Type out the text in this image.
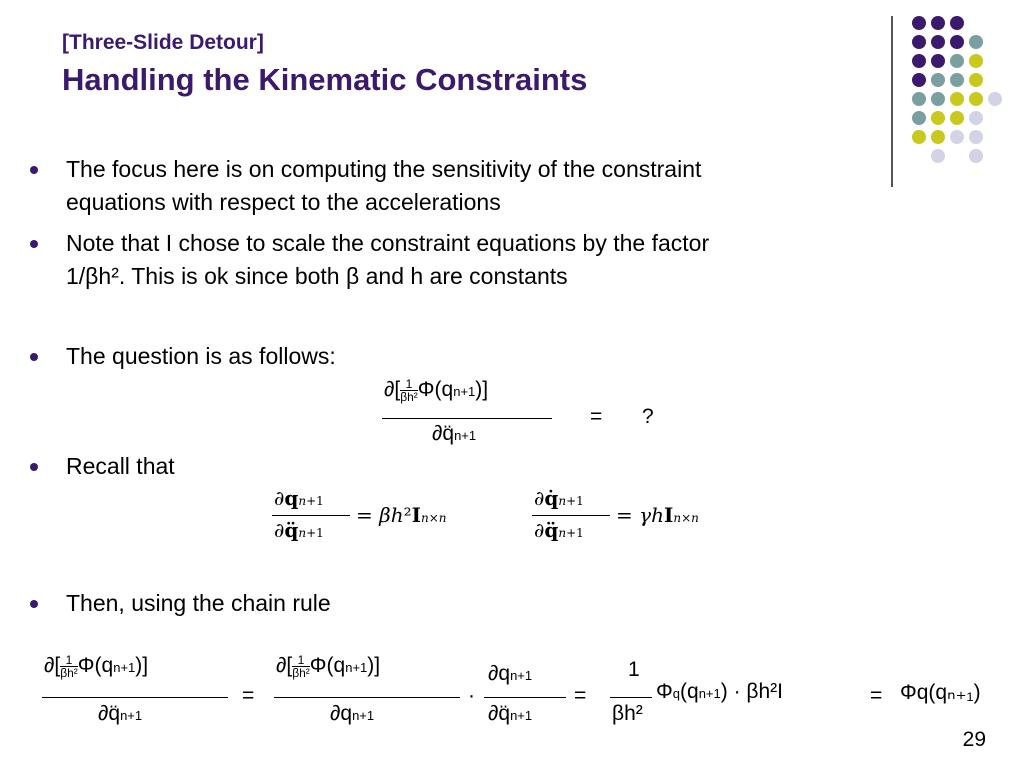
[Three-Slide Detour]
Handling the Kinematic Constraints
The focus here is on computing the sensitivity of the constraint
equations with respect to the accelerations
Note that I chose to scale the constraint equations by the factor
1/βh². This is ok since both β and h are constants
The question is as follows:
Recall that
Then, using the chain rule
∂[ $\frac{1}{\text{βh²}} \Phi(qn+1)$]
∂q̈n+1
= ?
∂qn+1
∂q̈n+1
= βh²In×n
∂q̇n+1
∂q̈n+1
= γhIn×n
∂[ $\frac{1}{\text{βh²}} \Phi(qn+1)$]
∂q̈n+1
=
∂[ $\frac{1}{\text{βh²}} \Phi(qn+1)$]
∂qn+1
·
∂qn+1
∂q̈n+1
=
1
βh²
Φq(qn+1) · βh²I	= Φq(qₙ₊₁)
29
